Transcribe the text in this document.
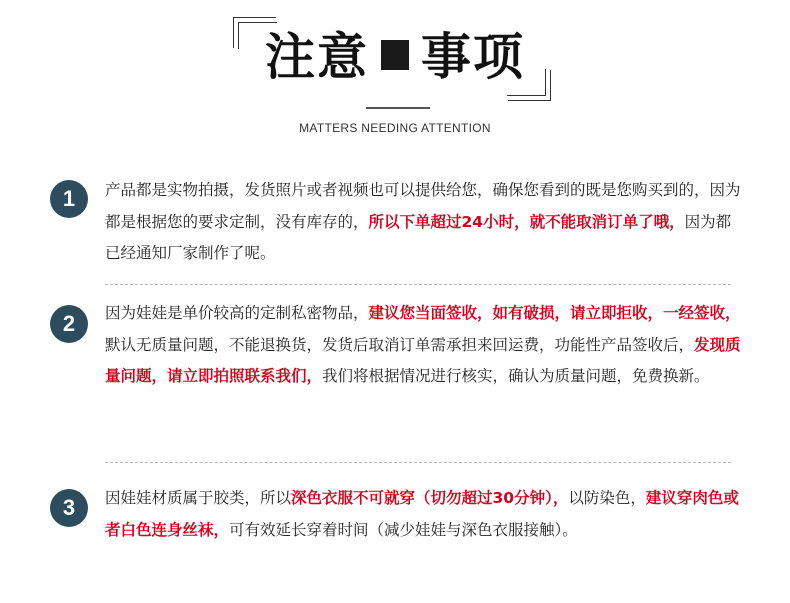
注意 事项
MATTERS NEEDING ATTENTION
1	产品都是实物拍摄，发货照片或者视频也可以提供给您，确保您看到的既是您购买到的，因为都是根据您的要求定制，没有库存的，所以下单超过24小时，就不能取消订单了哦，因为都已经通知厂家制作了呢。
2	因为娃娃是单价较高的定制私密物品，建议您当面签收，如有破损，请立即拒收，一经签收，默认无质量问题，不能退换货，发货后取消订单需承担来回运费，功能性产品签收后，发现质量问题，请立即拍照联系我们，我们将根据情况进行核实，确认为质量问题，免费换新。
3	因娃娃材质属于胶类，所以深色衣服不可就穿（切勿超过30分钟），以防染色，建议穿肉色或者白色连身丝袜，可有效延长穿着时间（减少娃娃与深色衣服接触）。
